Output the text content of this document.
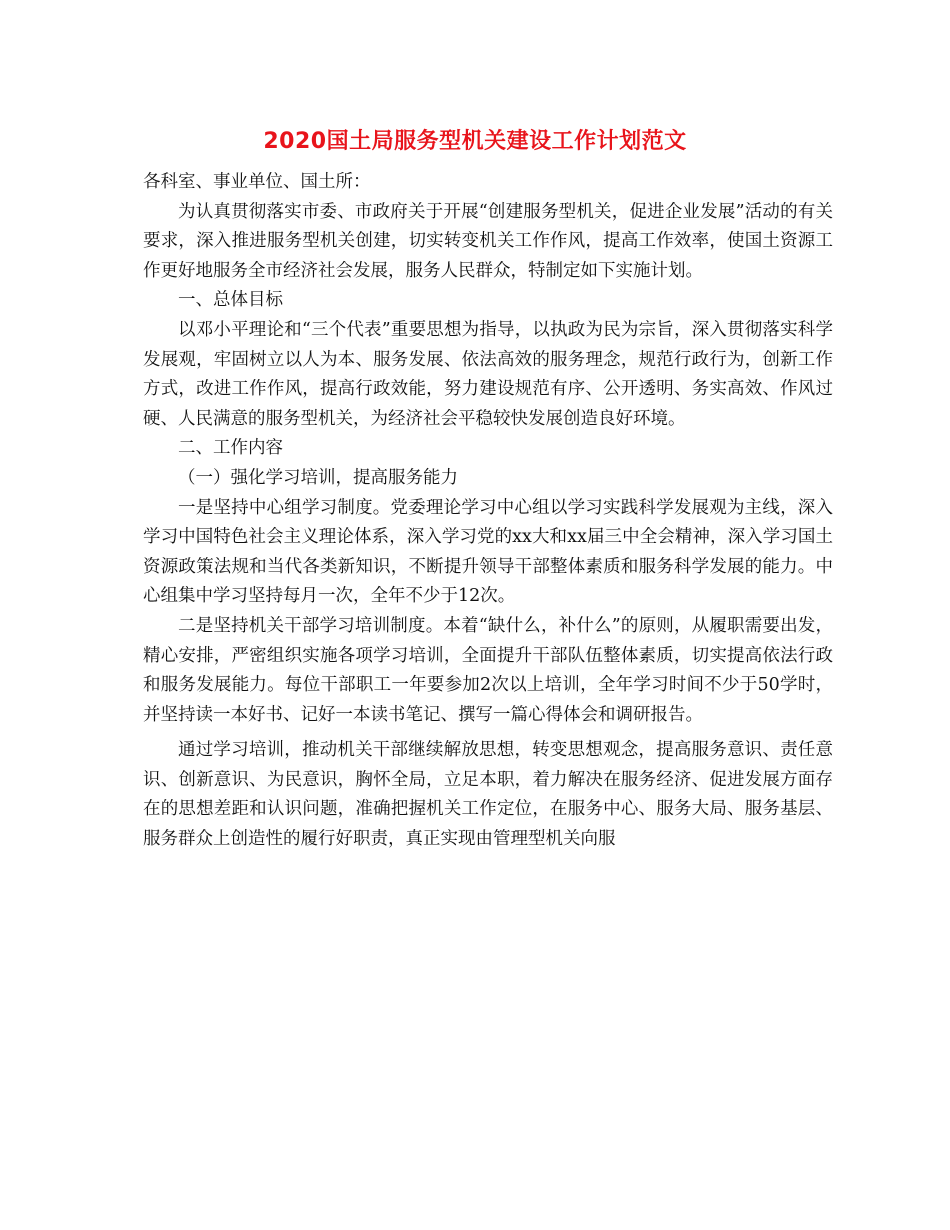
2020国土局服务型机关建设工作计划范文

各科室、事业单位、国土所：

为认真贯彻落实市委、市政府关于开展“创建服务型机关，促进企业发展”活动的有关要求，深入推进服务型机关创建，切实转变机关工作作风，提高工作效率，使国土资源工作更好地服务全市经济社会发展，服务人民群众，特制定如下实施计划。

一、总体目标

以邓小平理论和“三个代表”重要思想为指导，以执政为民为宗旨，深入贯彻落实科学发展观，牢固树立以人为本、服务发展、依法高效的服务理念，规范行政行为，创新工作方式，改进工作作风，提高行政效能，努力建设规范有序、公开透明、务实高效、作风过硬、人民满意的服务型机关，为经济社会平稳较快发展创造良好环境。

二、工作内容

（一）强化学习培训，提高服务能力

一是坚持中心组学习制度。党委理论学习中心组以学习实践科学发展观为主线，深入学习中国特色社会主义理论体系，深入学习党的xx大和xx届三中全会精神，深入学习国土资源政策法规和当代各类新知识，不断提升领导干部整体素质和服务科学发展的能力。中心组集中学习坚持每月一次，全年不少于12次。

二是坚持机关干部学习培训制度。本着“缺什么，补什么”的原则，从履职需要出发，精心安排，严密组织实施各项学习培训，全面提升干部队伍整体素质，切实提高依法行政和服务发展能力。每位干部职工一年要参加2次以上培训，全年学习时间不少于50学时，并坚持读一本好书、记好一本读书笔记、撰写一篇心得体会和调研报告。

通过学习培训，推动机关干部继续解放思想，转变思想观念，提高服务意识、责任意识、创新意识、为民意识，胸怀全局，立足本职，着力解决在服务经济、促进发展方面存在的思想差距和认识问题，准确把握机关工作定位，在服务中心、服务大局、服务基层、服务群众上创造性的履行好职责，真正实现由管理型机关向服
